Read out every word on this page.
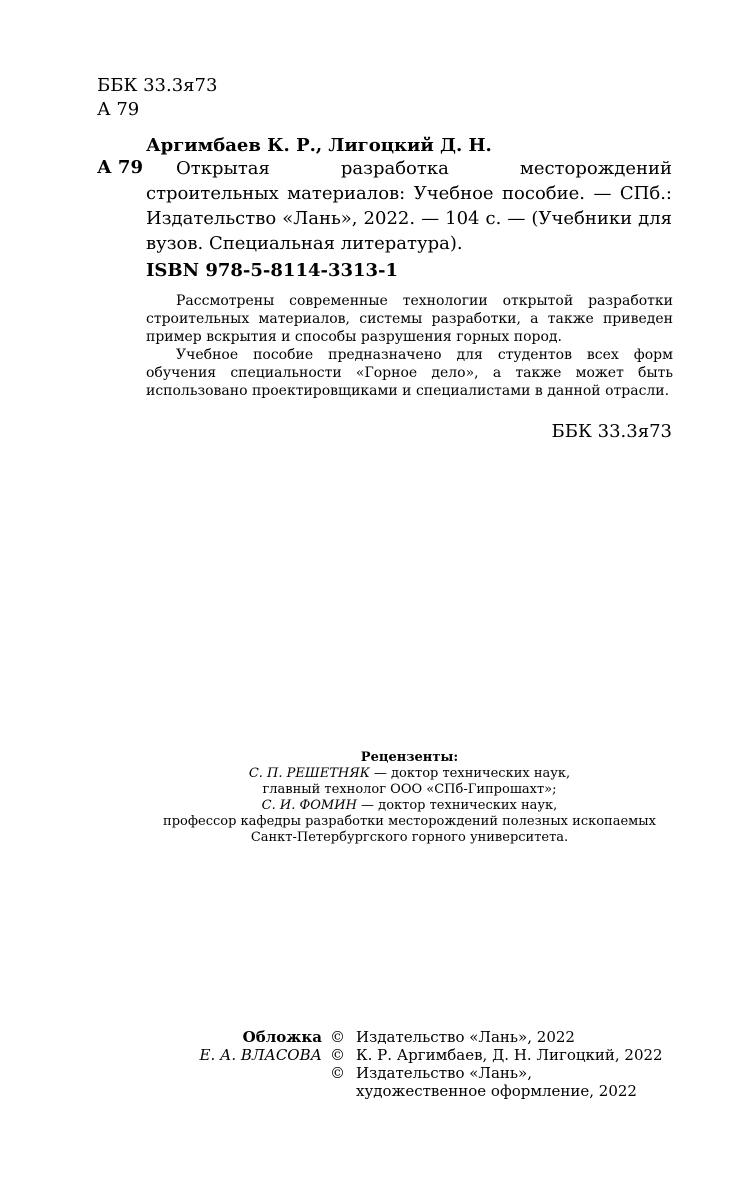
ББК 33.3я73
А 79
Аргимбаев К. Р., Лигоцкий Д. Н.
А 79	Открытая разработка месторождений строительных материалов: Учебное пособие. — СПб.: Издательство «Лань», 2022. — 104 с. — (Учебники для вузов. Специальная литература).
ISBN 978-5-8114-3313-1

Рассмотрены современные технологии открытой разработки строительных материалов, системы разработки, а также приведен пример вскрытия и способы разрушения горных пород.

Учебное пособие предназначено для студентов всех форм обучения специальности «Горное дело», а также может быть использовано проектировщиками и специалистами в данной отрасли.

ББК 33.3я73
Рецензенты:
С. П. РЕШЕТНЯК — доктор технических наук,
главный технолог ООО «СПб-Гипрошахт»;
С. И. ФОМИН — доктор технических наук,
профессор кафедры разработки месторождений полезных ископаемых
Санкт-Петербургского горного университета.
Обложка
Е. А. ВЛАСОВА
© Издательство «Лань», 2022
© К. Р. Аргимбаев, Д. Н. Лигоцкий, 2022
© Издательство «Лань»,
художественное оформление, 2022
